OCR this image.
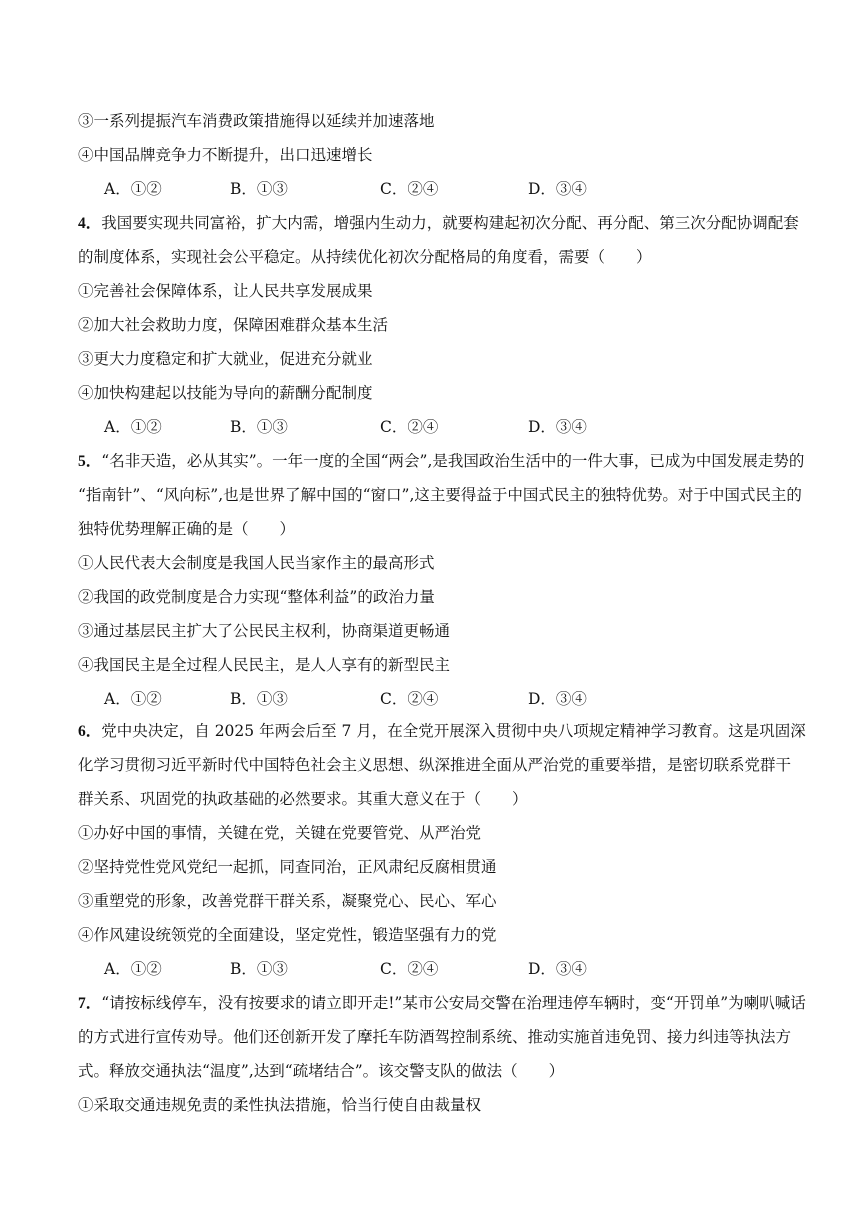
③一系列提振汽车消费政策措施得以延续并加速落地
④中国品牌竞争力不断提升，出口迅速增长
A．①②	B．①③	C．②④	D．③④
4．我国要实现共同富裕，扩大内需，增强内生动力，就要构建起初次分配、再分配、第三次分配协调配套
的制度体系，实现社会公平稳定。从持续优化初次分配格局的角度看，需要（　　）
①完善社会保障体系，让人民共享发展成果
②加大社会救助力度，保障困难群众基本生活
③更大力度稳定和扩大就业，促进充分就业
④加快构建起以技能为导向的薪酬分配制度
A．①②	B．①③	C．②④	D．③④
5．“名非天造，必从其实”。一年一度的全国“两会”,是我国政治生活中的一件大事，已成为中国发展走势的
“指南针”、“风向标”,也是世界了解中国的“窗口”,这主要得益于中国式民主的独特优势。对于中国式民主的
独特优势理解正确的是（　　）
①人民代表大会制度是我国人民当家作主的最高形式
②我国的政党制度是合力实现“整体利益”的政治力量
③通过基层民主扩大了公民民主权利，协商渠道更畅通
④我国民主是全过程人民民主，是人人享有的新型民主
A．①②	B．①③	C．②④	D．③④
6．党中央决定，自 2025 年两会后至 7 月，在全党开展深入贯彻中央八项规定精神学习教育。这是巩固深
化学习贯彻习近平新时代中国特色社会主义思想、纵深推进全面从严治党的重要举措，是密切联系党群干
群关系、巩固党的执政基础的必然要求。其重大意义在于（　　）
①办好中国的事情，关键在党，关键在党要管党、从严治党
②坚持党性党风党纪一起抓，同查同治，正风肃纪反腐相贯通
③重塑党的形象，改善党群干群关系，凝聚党心、民心、军心
④作风建设统领党的全面建设，坚定党性，锻造坚强有力的党
A．①②	B．①③	C．②④	D．③④
7．“请按标线停车，没有按要求的请立即开走!”某市公安局交警在治理违停车辆时，变“开罚单”为喇叭喊话
的方式进行宣传劝导。他们还创新开发了摩托车防酒驾控制系统、推动实施首违免罚、接力纠违等执法方
式。释放交通执法“温度”,达到“疏堵结合”。该交警支队的做法（　　）
①采取交通违规免责的柔性执法措施，恰当行使自由裁量权
